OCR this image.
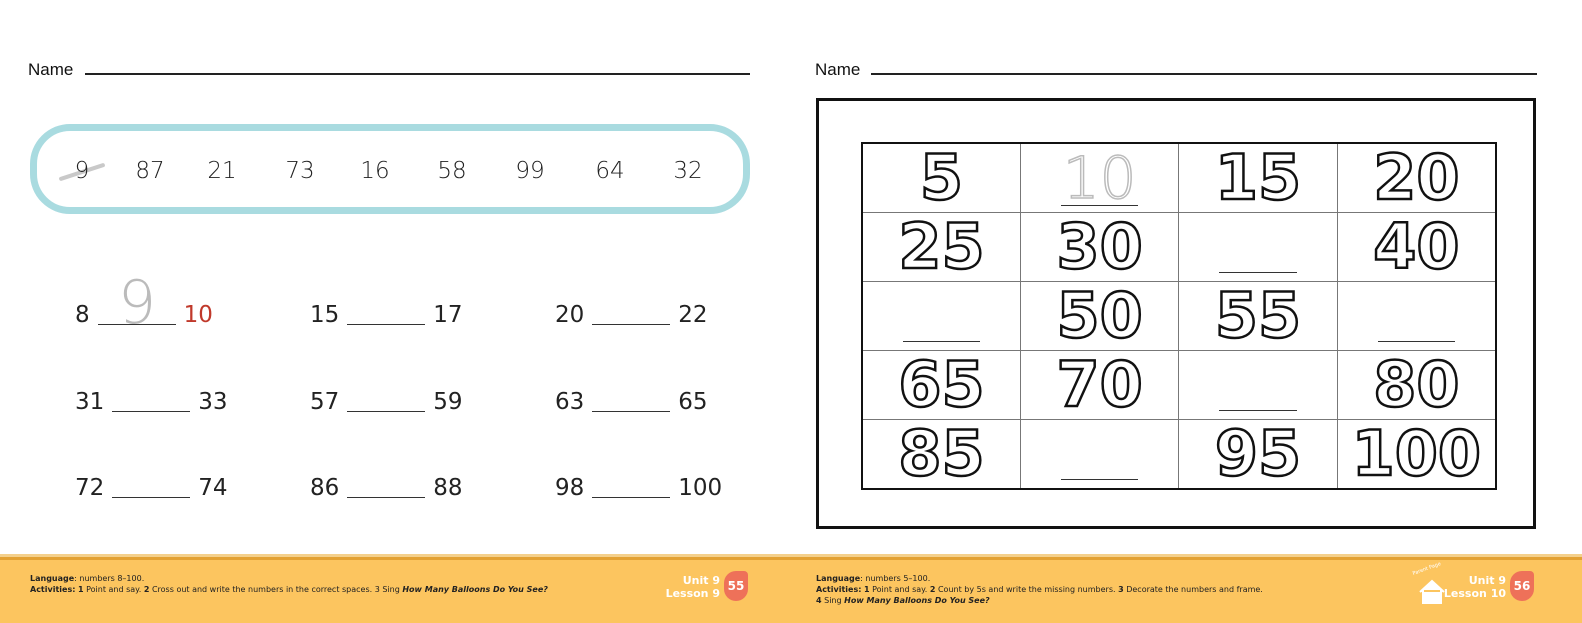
Name
9 87 21 73 16 58 99 64 32
8	10	15	17	20	22
31	33	57	59	63	65
72	74	86	88	98	100
9
Name
5	10	15	20
25	30		40

	50	55	

65	70		80
85		95	100
Language: numbers 8–100.
Activities: 1 Point and say. 2 Cross out and write the numbers in the correct spaces. 3 Sing How Many Balloons Do You See?
Unit 9
Lesson 9
55
Language: numbers 5–100.
Activities: 1 Point and say. 2 Count by 5s and write the missing numbers. 3 Decorate the numbers and frame.
4 Sing How Many Balloons Do You See?
Parent Page
Unit 9
Lesson 10
56
